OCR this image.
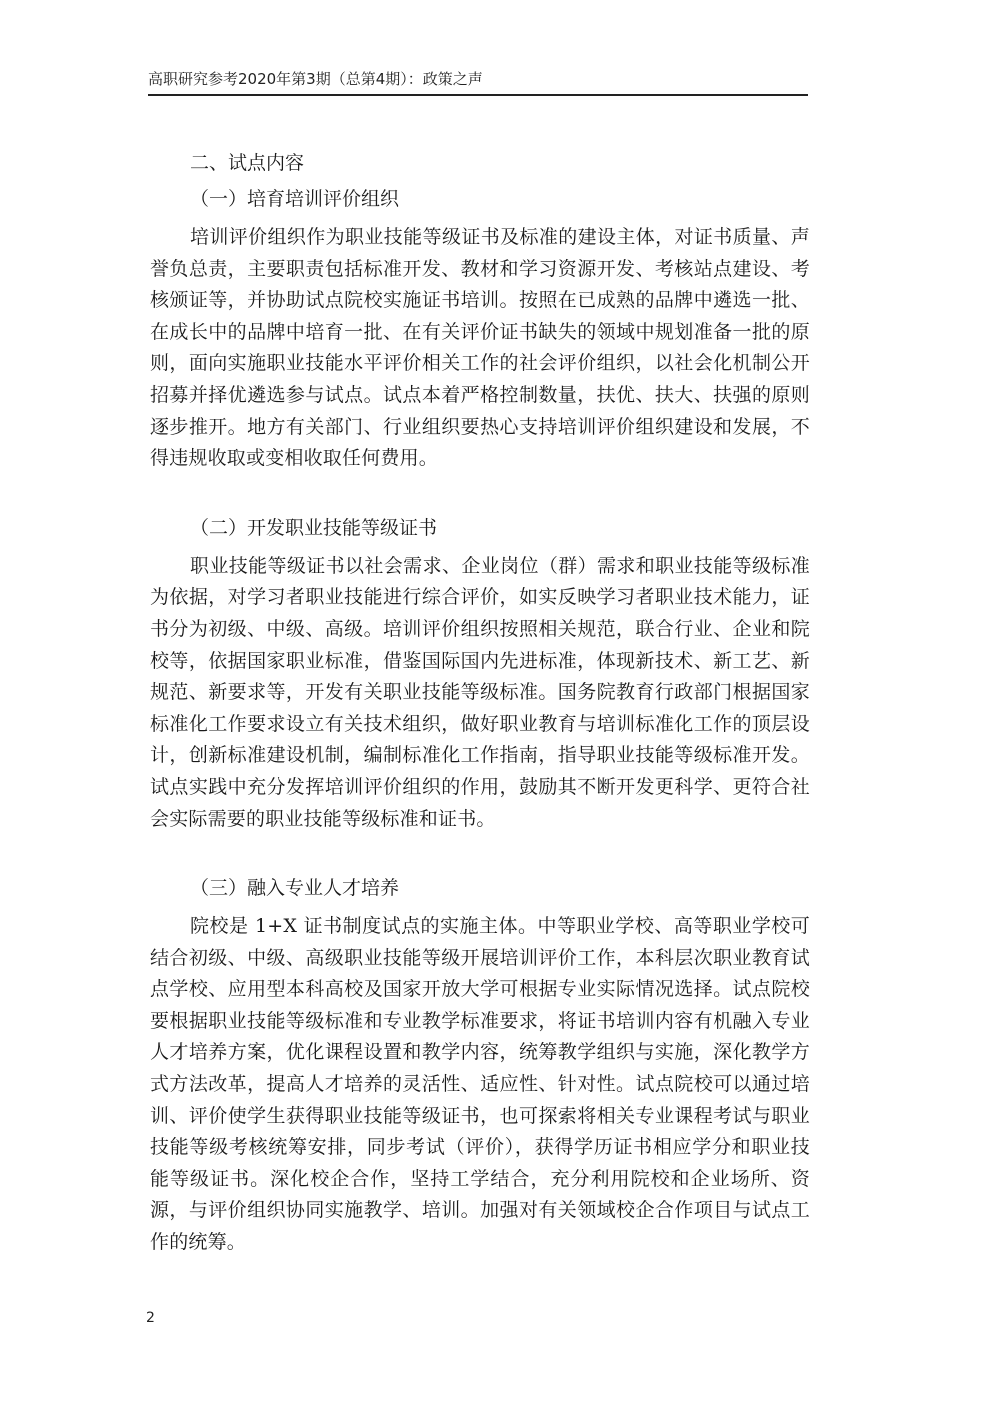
高职研究参考2020年第3期（总第4期）：政策之声
二、试点内容
（一）培育培训评价组织

培训评价组织作为职业技能等级证书及标准的建设主体，对证书质量、声誉负总责，主要职责包括标准开发、教材和学习资源开发、考核站点建设、考核颁证等，并协助试点院校实施证书培训。按照在已成熟的品牌中遴选一批、在成长中的品牌中培育一批、在有关评价证书缺失的领域中规划准备一批的原则，面向实施职业技能水平评价相关工作的社会评价组织，以社会化机制公开招募并择优遴选参与试点。试点本着严格控制数量，扶优、扶大、扶强的原则逐步推开。地方有关部门、行业组织要热心支持培训评价组织建设和发展，不得违规收取或变相收取任何费用。

（二）开发职业技能等级证书

职业技能等级证书以社会需求、企业岗位（群）需求和职业技能等级标准为依据，对学习者职业技能进行综合评价，如实反映学习者职业技术能力，证书分为初级、中级、高级。培训评价组织按照相关规范，联合行业、企业和院校等，依据国家职业标准，借鉴国际国内先进标准，体现新技术、新工艺、新规范、新要求等，开发有关职业技能等级标准。国务院教育行政部门根据国家标准化工作要求设立有关技术组织，做好职业教育与培训标准化工作的顶层设计，创新标准建设机制，编制标准化工作指南，指导职业技能等级标准开发。试点实践中充分发挥培训评价组织的作用，鼓励其不断开发更科学、更符合社会实际需要的职业技能等级标准和证书。

（三）融入专业人才培养

院校是 1+X 证书制度试点的实施主体。中等职业学校、高等职业学校可结合初级、中级、高级职业技能等级开展培训评价工作，本科层次职业教育试点学校、应用型本科高校及国家开放大学可根据专业实际情况选择。试点院校要根据职业技能等级标准和专业教学标准要求，将证书培训内容有机融入专业人才培养方案，优化课程设置和教学内容，统筹教学组织与实施，深化教学方式方法改革，提高人才培养的灵活性、适应性、针对性。试点院校可以通过培训、评价使学生获得职业技能等级证书，也可探索将相关专业课程考试与职业技能等级考核统筹安排，同步考试（评价），获得学历证书相应学分和职业技能等级证书。深化校企合作，坚持工学结合，充分利用院校和企业场所、资源，与评价组织协同实施教学、培训。加强对有关领域校企合作项目与试点工作的统筹。

2
